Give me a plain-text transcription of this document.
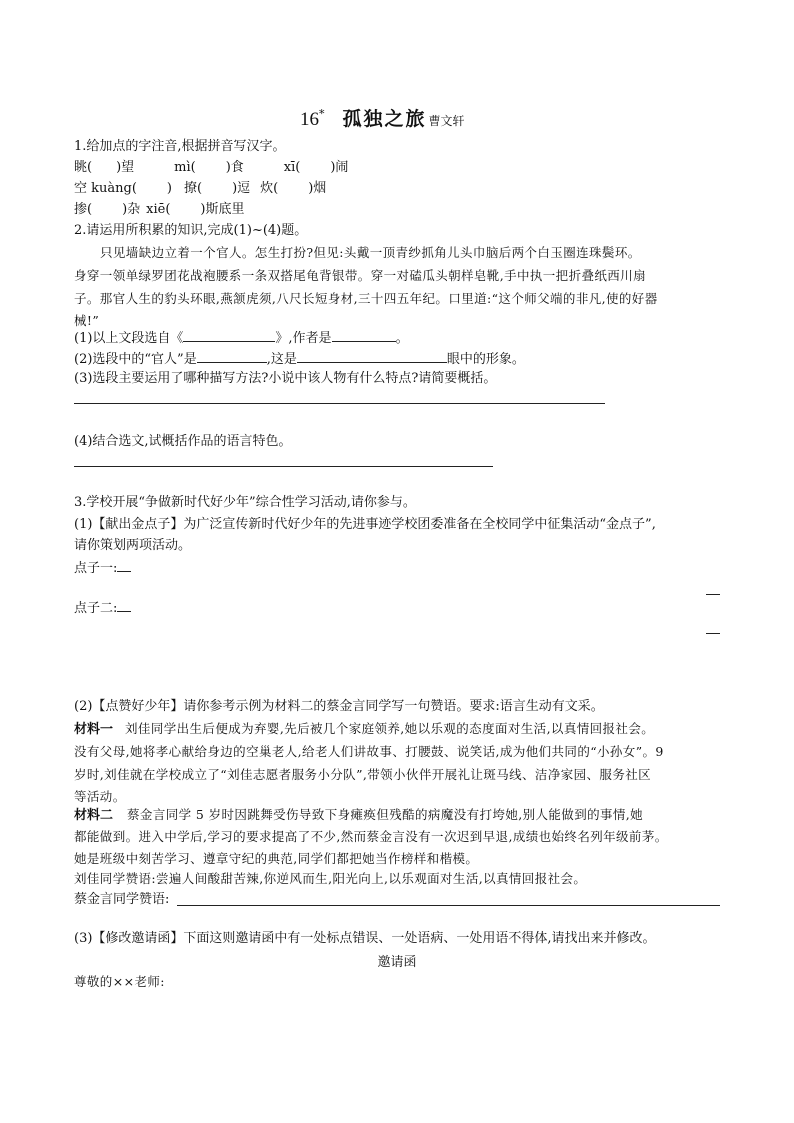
16* 孤独之旅 曹文轩
1.给加点的字注音,根据拼音写汉字。
眺( )望	mì( )食	xī( )闹
空 kuàng( ) 撩( )逗 炊( )烟
掺( )杂 xiē( )斯底里
2.请运用所积累的知识,完成(1)~(4)题。
只见墙缺边立着一个官人。怎生打扮?但见:头戴一顶青纱抓角儿头巾脑后两个白玉圈连珠鬓环。
身穿一领单绿罗团花战袍腰系一条双搭尾龟背银带。穿一对磕瓜头朝样皂靴,手中执一把折叠纸西川扇
子。那官人生的豹头环眼,燕颔虎须,八尺长短身材,三十四五年纪。口里道:“这个师父端的非凡,使的好器
械!”
(1)以上文段选自《	》,作者是	。
(2)选段中的“官人”是	,这是	眼中的形象。
(3)选段主要运用了哪种描写方法?小说中该人物有什么特点?请简要概括。
(4)结合选文,试概括作品的语言特色。
3.学校开展“争做新时代好少年”综合性学习活动,请你参与。
(1)【献出金点子】为广泛宣传新时代好少年的先进事迹学校团委准备在全校同学中征集活动“金点子”,
请你策划两项活动。
点子一:
点子二:
(2)【点赞好少年】请你参考示例为材料二的蔡金言同学写一句赞语。要求:语言生动有文采。
材料一 刘佳同学出生后便成为弃婴,先后被几个家庭领养,她以乐观的态度面对生活,以真情回报社会。
没有父母,她将孝心献给身边的空巢老人,给老人们讲故事、打腰鼓、说笑话,成为他们共同的“小孙女”。9
岁时,刘佳就在学校成立了“刘佳志愿者服务小分队”,带领小伙伴开展礼让斑马线、洁净家园、服务社区
等活动。
材料二 蔡金言同学 5 岁时因跳舞受伤导致下身瘫痪但残酷的病魔没有打垮她,别人能做到的事情,她
都能做到。进入中学后,学习的要求提高了不少,然而蔡金言没有一次迟到早退,成绩也始终名列年级前茅。
她是班级中刻苦学习、遵章守纪的典范,同学们都把她当作榜样和楷模。
刘佳同学赞语:尝遍人间酸甜苦辣,你逆风而生,阳光向上,以乐观面对生活,以真情回报社会。
蔡金言同学赞语:
(3)【修改邀请函】下面这则邀请函中有一处标点错误、一处语病、一处用语不得体,请找出来并修改。
邀请函
尊敬的××老师:
